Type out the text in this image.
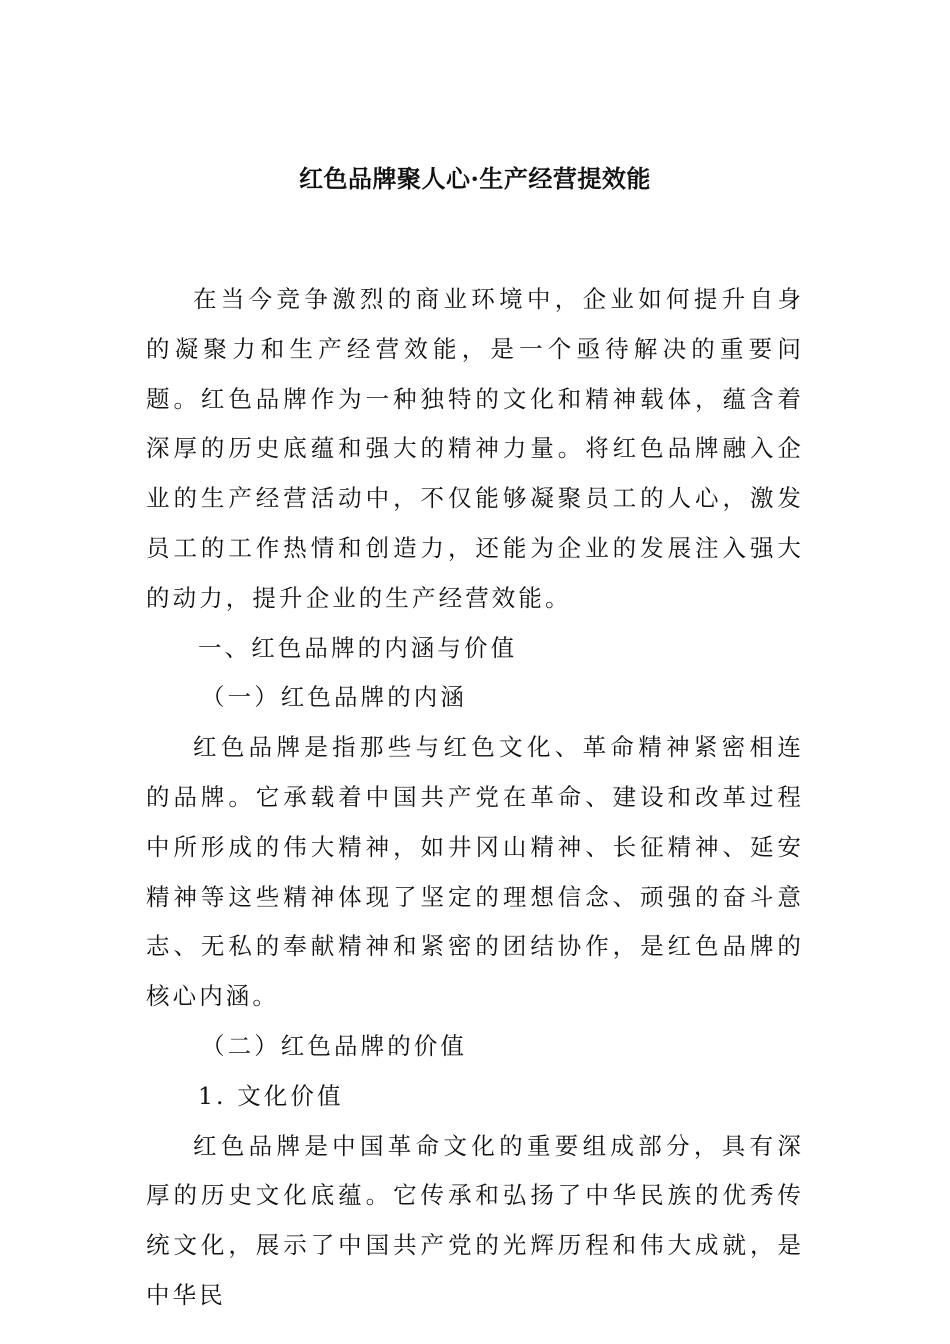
红色品牌聚人心·生产经营提效能

在当今竞争激烈的商业环境中，企业如何提升自身的凝聚力和生产经营效能，是一个亟待解决的重要问题。红色品牌作为一种独特的文化和精神载体，蕴含着深厚的历史底蕴和强大的精神力量。将红色品牌融入企业的生产经营活动中，不仅能够凝聚员工的人心，激发员工的工作热情和创造力，还能为企业的发展注入强大的动力，提升企业的生产经营效能。

一、红色品牌的内涵与价值

（一）红色品牌的内涵

红色品牌是指那些与红色文化、革命精神紧密相连的品牌。它承载着中国共产党在革命、建设和改革过程中所形成的伟大精神，如井冈山精神、长征精神、延安精神等这些精神体现了坚定的理想信念、顽强的奋斗意志、无私的奉献精神和紧密的团结协作，是红色品牌的核心内涵。

（二）红色品牌的价值

1. 文化价值

红色品牌是中国革命文化的重要组成部分，具有深厚的历史文化底蕴。它传承和弘扬了中华民族的优秀传统文化，展示了中国共产党的光辉历程和伟大成就，是中华民
